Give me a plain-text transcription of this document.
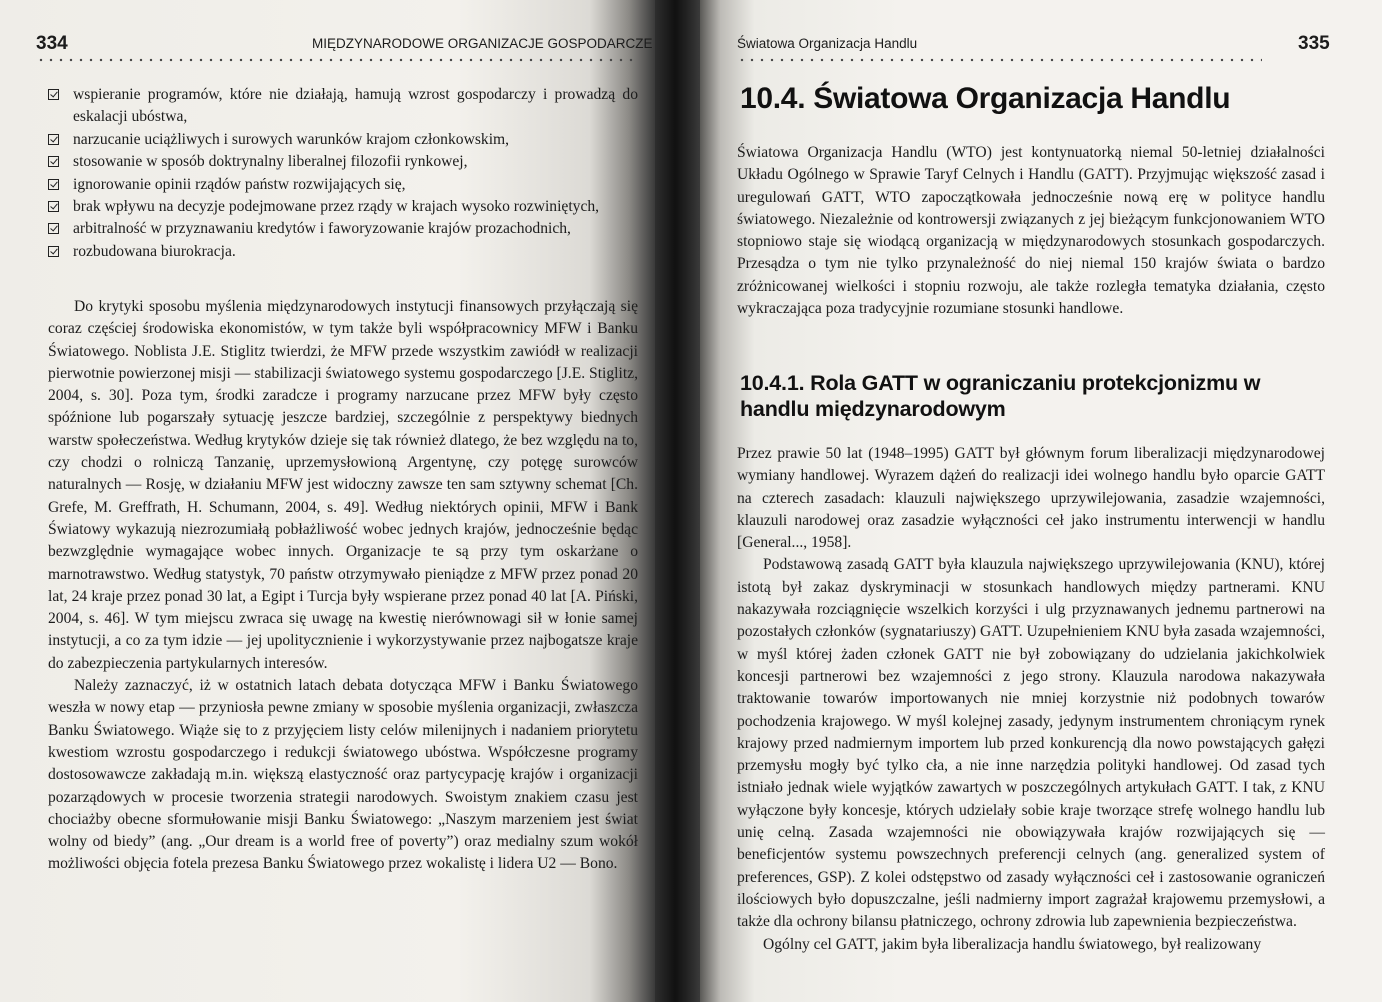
334	MIĘDZYNARODOWE ORGANIZACJE GOSPODARCZE
wspieranie programów, które nie działają, hamują wzrost gospodarczy i prowadzą do eskalacji ubóstwa,
narzucanie uciążliwych i surowych warunków krajom członkowskim,
stosowanie w sposób doktrynalny liberalnej filozofii rynkowej,
ignorowanie opinii rządów państw rozwijających się,
brak wpływu na decyzje podejmowane przez rządy w krajach wysoko rozwiniętych,
arbitralność w przyznawaniu kredytów i faworyzowanie krajów prozachodnich,
rozbudowana biurokracja.

Do krytyki sposobu myślenia międzynarodowych instytucji finansowych przyłączają się coraz częściej środowiska ekonomistów, w tym także byli współpracownicy MFW i Banku Światowego. Noblista J.E. Stiglitz twierdzi, że MFW przede wszystkim zawiódł w realizacji pierwotnie powierzonej misji — stabilizacji światowego systemu gospodarczego [J.E. Stiglitz, 2004, s. 30]. Poza tym, środki zaradcze i programy narzucane przez MFW były często spóźnione lub pogarszały sytuację jeszcze bardziej, szczególnie z perspektywy biednych warstw społeczeństwa. Według krytyków dzieje się tak również dlatego, że bez względu na to, czy chodzi o rolniczą Tanzanię, uprzemysłowioną Argentynę, czy potęgę surowców naturalnych — Rosję, w działaniu MFW jest widoczny zawsze ten sam sztywny schemat [Ch. Grefe, M. Greffrath, H. Schumann, 2004, s. 49]. Według niektórych opinii, MFW i Bank Światowy wykazują niezrozumiałą pobłażliwość wobec jednych krajów, jednocześnie będąc bezwzględnie wymagające wobec innych. Organizacje te są przy tym oskarżane o marnotrawstwo. Według statystyk, 70 państw otrzymywało pieniądze z MFW przez ponad 20 lat, 24 kraje przez ponad 30 lat, a Egipt i Turcja były wspierane przez ponad 40 lat [A. Piński, 2004, s. 46]. W tym miejscu zwraca się uwagę na kwestię nierównowagi sił w łonie samej instytucji, a co za tym idzie — jej upolitycznienie i wykorzystywanie przez najbogatsze kraje do zabezpieczenia partykularnych interesów.

Należy zaznaczyć, iż w ostatnich latach debata dotycząca MFW i Banku Światowego weszła w nowy etap — przyniosła pewne zmiany w sposobie myślenia organizacji, zwłaszcza Banku Światowego. Wiąże się to z przyjęciem listy celów milenijnych i nadaniem priorytetu kwestiom wzrostu gospodarczego i redukcji światowego ubóstwa. Współczesne programy dostosowawcze zakładają m.in. większą elastyczność oraz partycypację krajów i organizacji pozarządowych w procesie tworzenia strategii narodowych. Swoistym znakiem czasu jest chociażby obecne sformułowanie misji Banku Światowego: „Naszym marzeniem jest świat wolny od biedy” (ang. „Our dream is a world free of poverty”) oraz medialny szum wokół możliwości objęcia fotela prezesa Banku Światowego przez wokalistę i lidera U2 — Bono.

Światowa Organizacja Handlu	335
10.4. Światowa Organizacja Handlu

Światowa Organizacja Handlu (WTO) jest kontynuatorką niemal 50-letniej działalności Układu Ogólnego w Sprawie Taryf Celnych i Handlu (GATT). Przyjmując większość zasad i uregulowań GATT, WTO zapoczątkowała jednocześnie nową erę w polityce handlu światowego. Niezależnie od kontrowersji związanych z jej bieżącym funkcjonowaniem WTO stopniowo staje się wiodącą organizacją w międzynarodowych stosunkach gospodarczych. Przesądza o tym nie tylko przynależność do niej niemal 150 krajów świata o bardzo zróżnicowanej wielkości i stopniu rozwoju, ale także rozległa tematyka działania, często wykraczająca poza tradycyjnie rozumiane stosunki handlowe.

10.4.1. Rola GATT w ograniczaniu protekcjonizmu w handlu międzynarodowym

Przez prawie 50 lat (1948–1995) GATT był głównym forum liberalizacji międzynarodowej wymiany handlowej. Wyrazem dążeń do realizacji idei wolnego handlu było oparcie GATT na czterech zasadach: klauzuli największego uprzywilejowania, zasadzie wzajemności, klauzuli narodowej oraz zasadzie wyłączności ceł jako instrumentu interwencji w handlu [General..., 1958].

Podstawową zasadą GATT była klauzula największego uprzywilejowania (KNU), której istotą był zakaz dyskryminacji w stosunkach handlowych między partnerami. KNU nakazywała rozciągnięcie wszelkich korzyści i ulg przyznawanych jednemu partnerowi na pozostałych członków (sygnatariuszy) GATT. Uzupełnieniem KNU była zasada wzajemności, w myśl której żaden członek GATT nie był zobowiązany do udzielania jakichkolwiek koncesji partnerowi bez wzajemności z jego strony. Klauzula narodowa nakazywała traktowanie towarów importowanych nie mniej korzystnie niż podobnych towarów pochodzenia krajowego. W myśl kolejnej zasady, jedynym instrumentem chroniącym rynek krajowy przed nadmiernym importem lub przed konkurencją dla nowo powstających gałęzi przemysłu mogły być tylko cła, a nie inne narzędzia polityki handlowej. Od zasad tych istniało jednak wiele wyjątków zawartych w poszczególnych artykułach GATT. I tak, z KNU wyłączone były koncesje, których udzielały sobie kraje tworzące strefę wolnego handlu lub unię celną. Zasada wzajemności nie obowiązywała krajów rozwijających się — beneficjentów systemu powszechnych preferencji celnych (ang. generalized system of preferences, GSP). Z kolei odstępstwo od zasady wyłączności ceł i zastosowanie ograniczeń ilościowych było dopuszczalne, jeśli nadmierny import zagrażał krajowemu przemysłowi, a także dla ochrony bilansu płatniczego, ochrony zdrowia lub zapewnienia bezpieczeństwa.

Ogólny cel GATT, jakim była liberalizacja handlu światowego, był realizowany
